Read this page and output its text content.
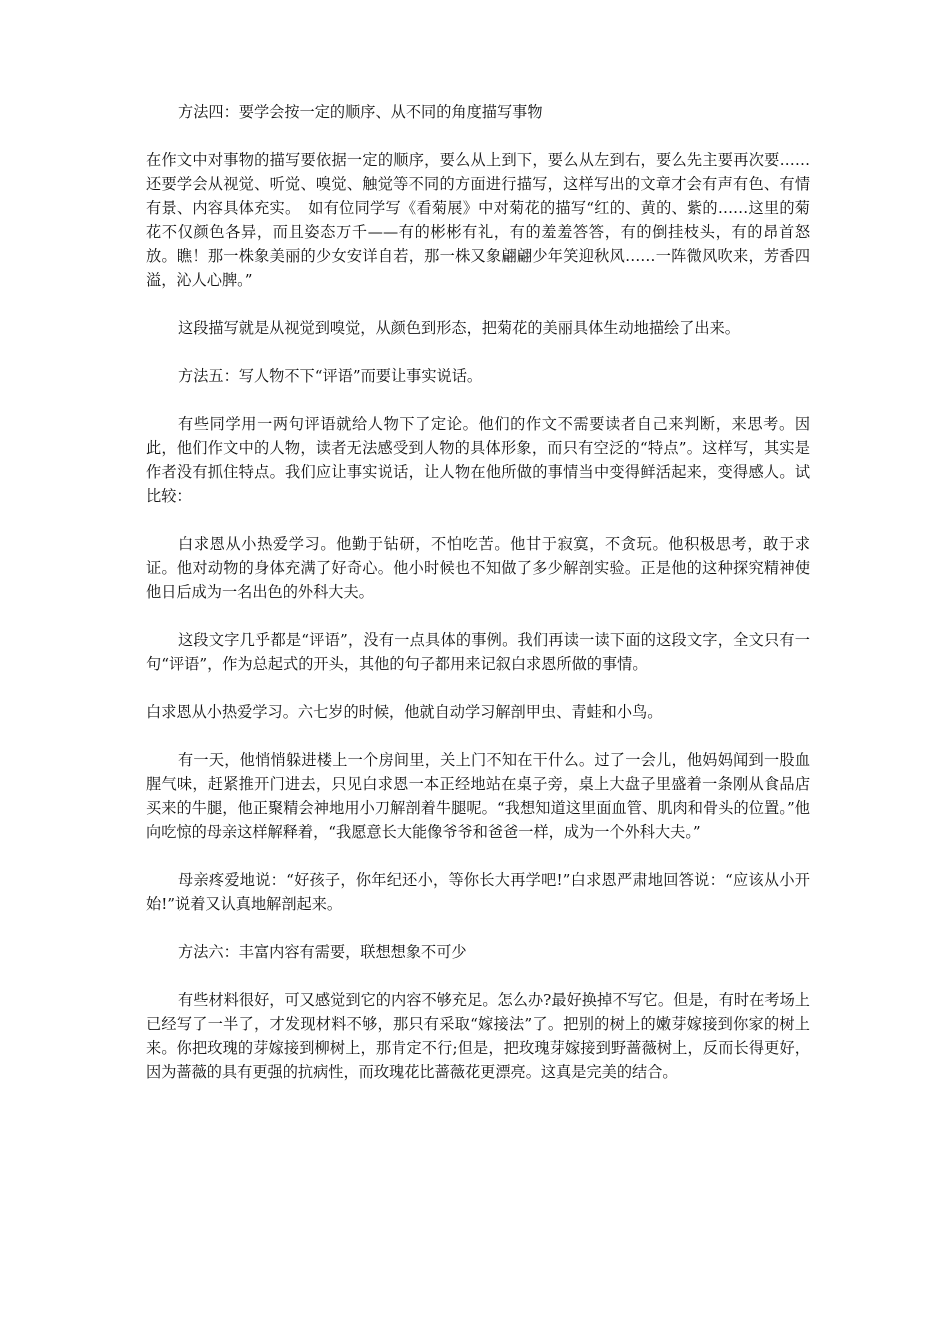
方法四：要学会按一定的顺序、从不同的角度描写事物

在作文中对事物的描写要依据一定的顺序，要么从上到下，要么从左到右，要么先主要再次要……还要学会从视觉、听觉、嗅觉、触觉等不同的方面进行描写，这样写出的文章才会有声有色、有情有景、内容具体充实。　如有位同学写《看菊展》中对菊花的描写“红的、黄的、紫的……这里的菊花不仅颜色各异，而且姿态万千——有的彬彬有礼，有的羞羞答答，有的倒挂枝头，有的昂首怒放。瞧！那一株象美丽的少女安详自若，那一株又象翩翩少年笑迎秋风……一阵微风吹来，芳香四溢，沁人心脾。”

这段描写就是从视觉到嗅觉，从颜色到形态，把菊花的美丽具体生动地描绘了出来。

方法五：写人物不下“评语”而要让事实说话。

有些同学用一两句评语就给人物下了定论。他们的作文不需要读者自己来判断，来思考。因此，他们作文中的人物，读者无法感受到人物的具体形象，而只有空泛的“特点”。这样写，其实是作者没有抓住特点。我们应让事实说话，让人物在他所做的事情当中变得鲜活起来，变得感人。试比较：

白求恩从小热爱学习。他勤于钻研，不怕吃苦。他甘于寂寞，不贪玩。他积极思考，敢于求证。他对动物的身体充满了好奇心。他小时候也不知做了多少解剖实验。正是他的这种探究精神使他日后成为一名出色的外科大夫。

这段文字几乎都是“评语”，没有一点具体的事例。我们再读一读下面的这段文字，全文只有一句“评语”，作为总起式的开头，其他的句子都用来记叙白求恩所做的事情。

白求恩从小热爱学习。六七岁的时候，他就自动学习解剖甲虫、青蛙和小鸟。

有一天，他悄悄躲进楼上一个房间里，关上门不知在干什么。过了一会儿，他妈妈闻到一股血腥气味，赶紧推开门进去，只见白求恩一本正经地站在桌子旁，桌上大盘子里盛着一条刚从食品店买来的牛腿，他正聚精会神地用小刀解剖着牛腿呢。“我想知道这里面血管、肌肉和骨头的位置。”他向吃惊的母亲这样解释着，“我愿意长大能像爷爷和爸爸一样，成为一个外科大夫。”

母亲疼爱地说：“好孩子，你年纪还小，等你长大再学吧!”白求恩严肃地回答说：“应该从小开始!”说着又认真地解剖起来。

方法六：丰富内容有需要，联想想象不可少

有些材料很好，可又感觉到它的内容不够充足。怎么办?最好换掉不写它。但是，有时在考场上已经写了一半了，才发现材料不够，那只有采取“嫁接法”了。把别的树上的嫩芽嫁接到你家的树上来。你把玫瑰的芽嫁接到柳树上，那肯定不行;但是，把玫瑰芽嫁接到野蔷薇树上，反而长得更好，因为蔷薇的具有更强的抗病性，而玫瑰花比蔷薇花更漂亮。这真是完美的结合。
